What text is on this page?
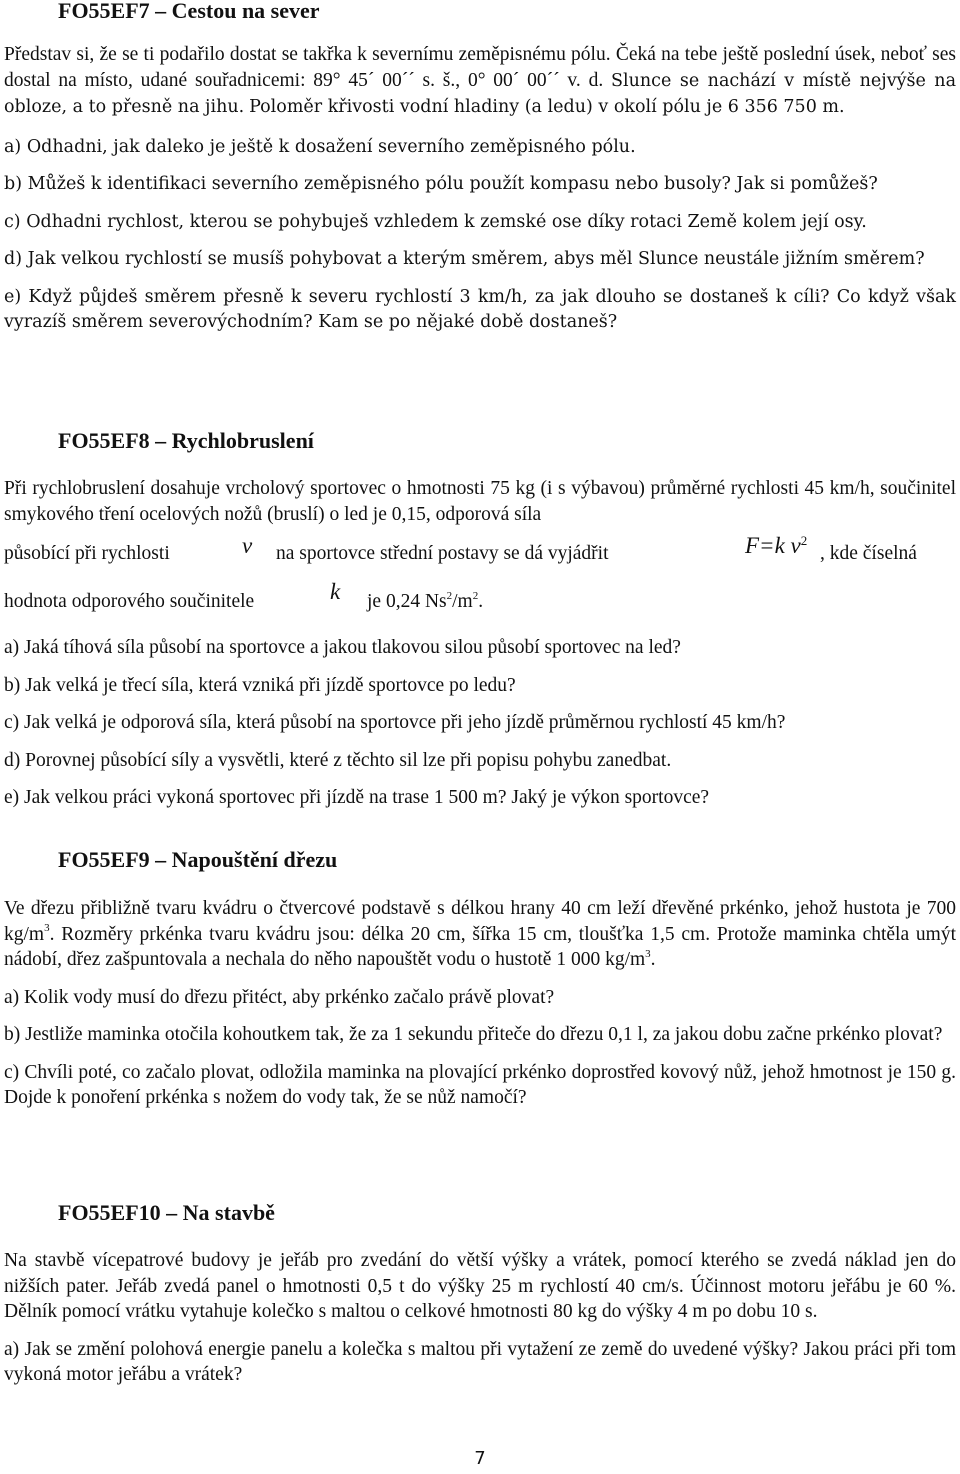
FO55EF7 – Cestou na sever

Představ si, že se ti podařilo dostat se takřka k severnímu zeměpisnému pólu. Čeká na tebe ještě poslední úsek, neboť ses dostal na místo, udané souřadnicemi: 89° 45´ 00´´ s. š., 0° 00´ 00´´ v. d. Slunce se nachází v místě nejvýše na obloze, a to přesně na jihu. Poloměr křivosti vodní hladiny (a ledu) v okolí pólu je 6 356 750 m.

a) Odhadni, jak daleko je ještě k dosažení severního zeměpisného pólu.

b) Můžeš k identifikaci severního zeměpisného pólu použít kompasu nebo busoly? Jak si pomůžeš?

c) Odhadni rychlost, kterou se pohybuješ vzhledem k zemské ose díky rotaci Země kolem její osy.

d) Jak velkou rychlostí se musíš pohybovat a kterým směrem, abys měl Slunce neustále jižním směrem?

e) Když půjdeš směrem přesně k severu rychlostí 3 km/h, za jak dlouho se dostaneš k cíli? Co když však vyrazíš směrem severovýchodním? Kam se po nějaké době dostaneš?

FO55EF8 – Rychlobruslení

Při rychlobruslení dosahuje vrcholový sportovec o hmotnosti 75 kg (i s výbavou) průměrné rychlosti 45 km/h, součinitel smykového tření ocelových nožů (bruslí) o led je 0,15, odporová síla

působící při rychlosti	v na sportovce střední postavy se dá vyjádřit	F=k $v^2$
, kde číselná
hodnota odporového součinitele	k je 0,24 $Ns^2/m^2$.

a) Jaká tíhová síla působí na sportovce a jakou tlakovou silou působí sportovec na led?

b) Jak velká je třecí síla, která vzniká při jízdě sportovce po ledu?

c) Jak velká je odporová síla, která působí na sportovce při jeho jízdě průměrnou rychlostí 45 km/h?

d) Porovnej působící síly a vysvětli, které z těchto sil lze při popisu pohybu zanedbat.

e) Jak velkou práci vykoná sportovec při jízdě na trase 1 500 m? Jaký je výkon sportovce?

FO55EF9 – Napouštění dřezu

Ve dřezu přibližně tvaru kvádru o čtvercové podstavě s délkou hrany 40 cm leží dřevěné prkénko, jehož hustota je 700 $kg/m^3$. Rozměry prkénka tvaru kvádru jsou: délka 20 cm, šířka 15 cm, tloušťka 1,5 cm. Protože maminka chtěla umýt nádobí, dřez zašpuntovala a nechala do něho napouštět vodu o hustotě 1 000 $kg/m^3$.

a) Kolik vody musí do dřezu přitéct, aby prkénko začalo právě plovat?

b) Jestliže maminka otočila kohoutkem tak, že za 1 sekundu přiteče do dřezu 0,1 l, za jakou dobu začne prkénko plovat?

c) Chvíli poté, co začalo plovat, odložila maminka na plovající prkénko doprostřed kovový nůž, jehož hmotnost je 150 g. Dojde k ponoření prkénka s nožem do vody tak, že se nůž namočí?

FO55EF10 – Na stavbě

Na stavbě vícepatrové budovy je jeřáb pro zvedání do větší výšky a vrátek, pomocí kterého se zvedá náklad jen do nižších pater. Jeřáb zvedá panel o hmotnosti 0,5 t do výšky 25 m rychlostí 40 cm/s. Účinnost motoru jeřábu je 60 %. Dělník pomocí vrátku vytahuje kolečko s maltou o celkové hmotnosti 80 kg do výšky 4 m po dobu 10 s.

a) Jak se změní polohová energie panelu a kolečka s maltou při vytažení ze země do uvedené výšky? Jakou práci při tom vykoná motor jeřábu a vrátek?

7
